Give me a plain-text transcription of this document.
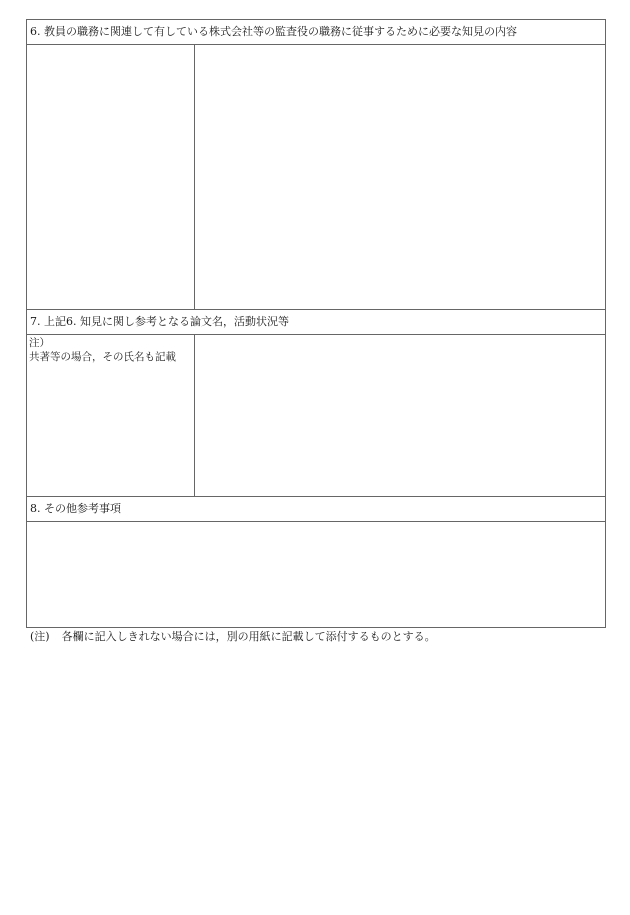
6. 教員の職務に関連して有している株式会社等の監査役の職務に従事するために必要な知見の内容
7. 上記6. 知見に関し参考となる論文名，活動状況等
注）
共著等の場合，その氏名も記載
8. その他参考事項
(注) 各欄に記入しきれない場合には，別の用紙に記載して添付するものとする。
